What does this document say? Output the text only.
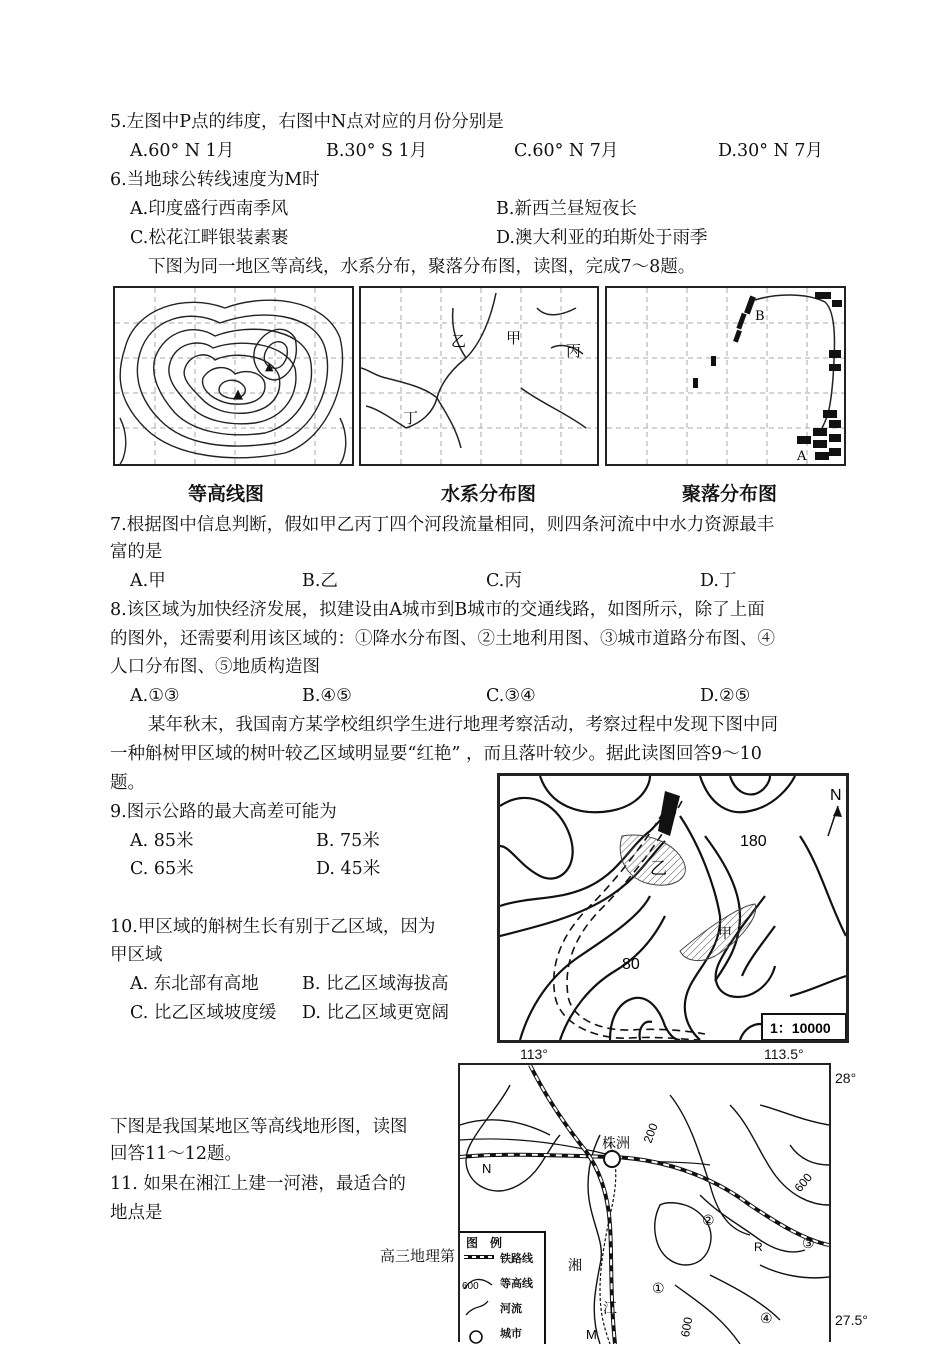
5.左图中P点的纬度，右图中N点对应的月份分别是
A.60° N 1月	B.30° S 1月	C.60° N 7月	D.30° N 7月
6.当地球公转线速度为M时
A.印度盛行西南季风	B.新西兰昼短夜长
C.松花江畔银装素裹	D.澳大利亚的珀斯处于雨季
下图为同一地区等高线，水系分布，聚落分布图，读图，完成7～8题。
▲
▲
乙	甲
丙
丁
B
A
等高线图	水系分布图	聚落分布图
7.根据图中信息判断，假如甲乙丙丁四个河段流量相同，则四条河流中中水力资源最丰
富的是
A.甲	B.乙	C.丙	D.丁
8.该区域为加快经济发展，拟建设由A城市到B城市的交通线路，如图所示，除了上面
的图外，还需要利用该区域的：①降水分布图、②土地利用图、③城市道路分布图、④
人口分布图、⑤地质构造图
A.①③	B.④⑤	C.③④	D.②⑤
某年秋末，我国南方某学校组织学生进行地理考察活动，考察过程中发现下图中同
一种斛树甲区域的树叶较乙区域明显要“红艳” ，而且落叶较少。据此读图回答9～10
题。
9.图示公路的最大高差可能为
A. 85米	B. 75米
C. 65米	D. 45米
10.甲区域的斛树生长有别于乙区域，因为
甲区域
A. 东北部有高地 B. 比乙区域海拔高
C. 比乙区域坡度缓 D. 比乙区域更宽阔
N
180
80
乙
甲
1：10000
下图是我国某地区等高线地形图，读图
回答11～12题。
11. 如果在湘江上建一河港，最适合的
地点是
113°	113.5°
28°
27.5°
株洲
湘
江
N
M
R
②
③
①
④
200
600
600
图　例
600
铁路线
等高线
河流
城市
高三地理第
